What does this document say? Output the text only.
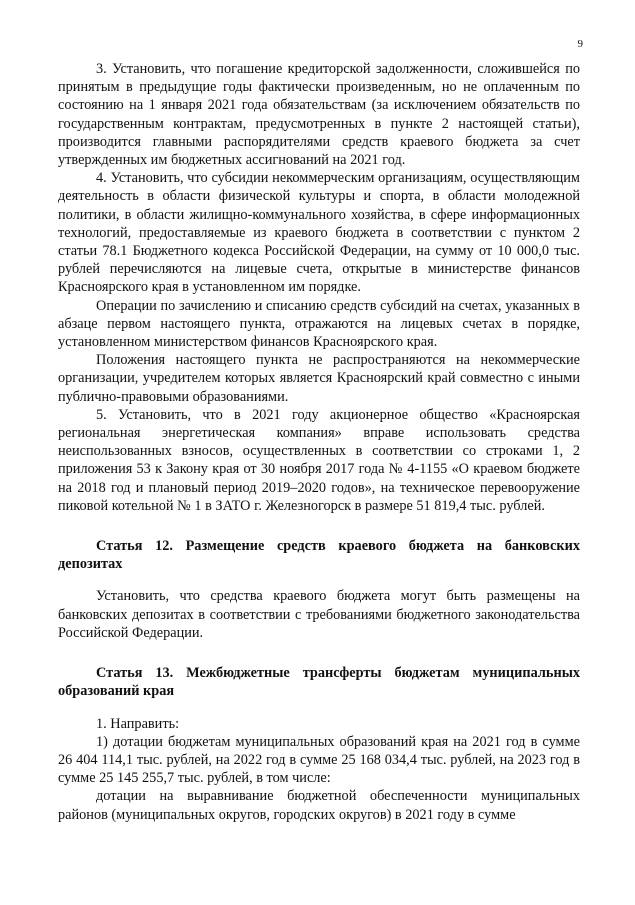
9

3. Установить, что погашение кредиторской задолженности, сложившейся по принятым в предыдущие годы фактически произведенным, но не оплаченным по состоянию на 1 января 2021 года обязательствам (за исключением обязательств по государственным контрактам, предусмотренных в пункте 2 настоящей статьи), производится главными распорядителями средств краевого бюджета за счет утвержденных им бюджетных ассигнований на 2021 год.

4. Установить, что субсидии некоммерческим организациям, осуществляющим деятельность в области физической культуры и спорта, в области молодежной политики, в области жилищно-коммунального хозяйства, в сфере информационных технологий, предоставляемые из краевого бюджета в соответствии с пунктом 2 статьи 78.1 Бюджетного кодекса Российской Федерации, на сумму от 10 000,0 тыс. рублей перечисляются на лицевые счета, открытые в министерстве финансов Красноярского края в установленном им порядке.

Операции по зачислению и списанию средств субсидий на счетах, указанных в абзаце первом настоящего пункта, отражаются на лицевых счетах в порядке, установленном министерством финансов Красноярского края.

Положения настоящего пункта не распространяются на некоммерческие организации, учредителем которых является Красноярский край совместно с иными публично-правовыми образованиями.

5. Установить, что в 2021 году акционерное общество «Красноярская региональная энергетическая компания» вправе использовать средства неиспользованных взносов, осуществленных в соответствии со строками 1, 2 приложения 53 к Закону края от 30 ноября 2017 года № 4-1155 «О краевом бюджете на 2018 год и плановый период 2019–2020 годов», на техническое перевооружение пиковой котельной № 1 в ЗАТО г. Железногорск в размере 51 819,4 тыс. рублей.

Статья 12. Размещение средств краевого бюджета на банковских депозитах

Установить, что средства краевого бюджета могут быть размещены на банковских депозитах в соответствии с требованиями бюджетного законодательства Российской Федерации.

Статья 13. Межбюджетные трансферты бюджетам муниципальных образований края

1. Направить:

1) дотации бюджетам муниципальных образований края на 2021 год в сумме 26 404 114,1 тыс. рублей, на 2022 год в сумме 25 168 034,4 тыс. рублей, на 2023 год в сумме 25 145 255,7 тыс. рублей, в том числе:

дотации на выравнивание бюджетной обеспеченности муниципальных районов (муниципальных округов, городских округов) в 2021 году в сумме
